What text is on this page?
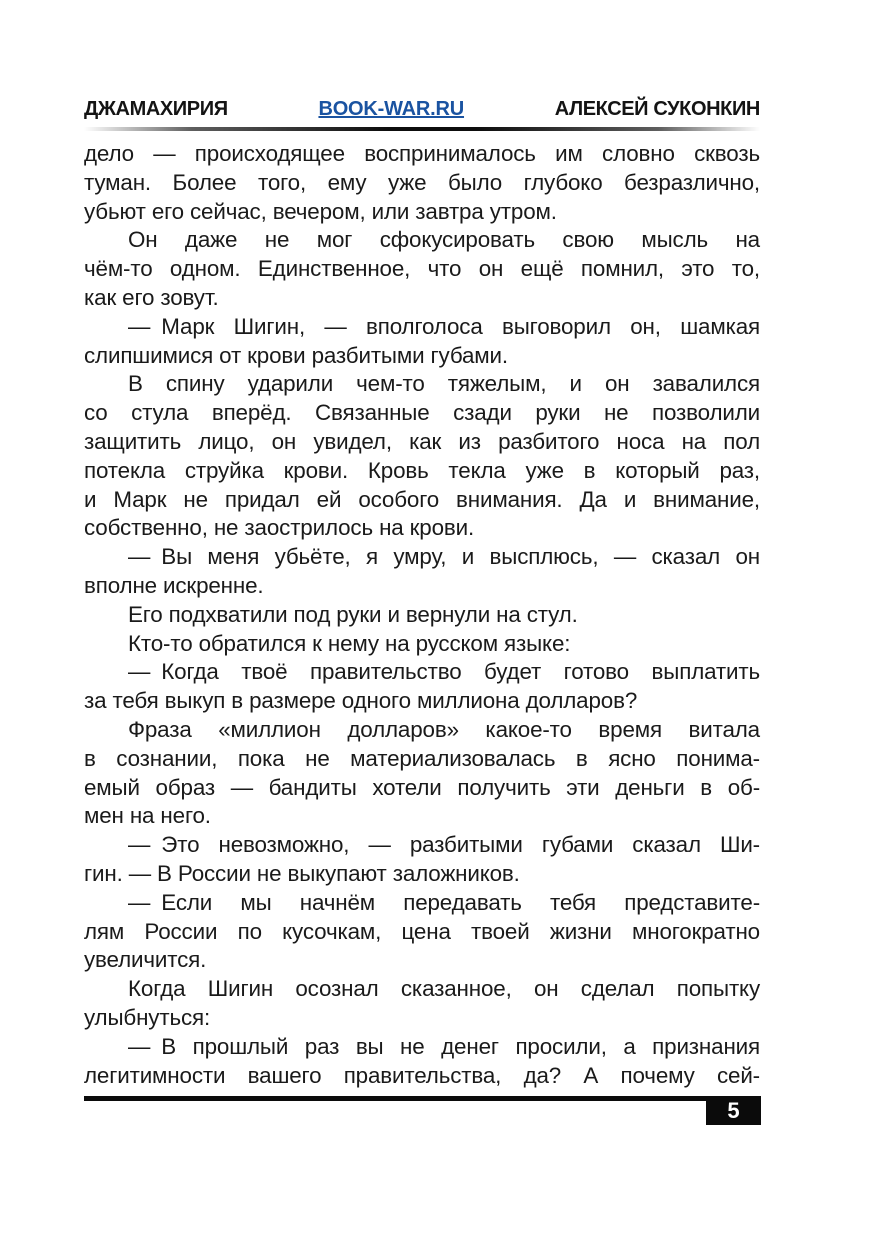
ДЖАМАХИРИЯ	BOOK-WAR.RU	АЛЕКСЕЙ СУКОНКИН
дело — происходящее воспринималось им словно сквозь
туман. Более того, ему уже было глубоко безразлично,
убьют его сейчас, вечером, или завтра утром.
Он даже не мог сфокусировать свою мысль на
чём-то одном. Единственное, что он ещё помнил, это то,
как его зовут.
— Марк Шигин, — вполголоса выговорил он, шамкая
слипшимися от крови разбитыми губами.
В спину ударили чем-то тяжелым, и он завалился
со стула вперёд. Связанные сзади руки не позволили
защитить лицо, он увидел, как из разбитого носа на пол
потекла струйка крови. Кровь текла уже в который раз,
и Марк не придал ей особого внимания. Да и внимание,
собственно, не заострилось на крови.
— Вы меня убьёте, я умру, и высплюсь, — сказал он
вполне искренне.
Его подхватили под руки и вернули на стул.
Кто-то обратился к нему на русском языке:
— Когда твоё правительство будет готово выплатить
за тебя выкуп в размере одного миллиона долларов?
Фраза «миллион долларов» какое-то время витала
в сознании, пока не материализовалась в ясно понима-
емый образ — бандиты хотели получить эти деньги в об-
мен на него.
— Это невозможно, — разбитыми губами сказал Ши-
гин. — В России не выкупают заложников.
— Если мы начнём передавать тебя представите-
лям России по кусочкам, цена твоей жизни многократно
увеличится.
Когда Шигин осознал сказанное, он сделал попытку
улыбнуться:
— В прошлый раз вы не денег просили, а признания
легитимности вашего правительства, да? А почему сей-
5
